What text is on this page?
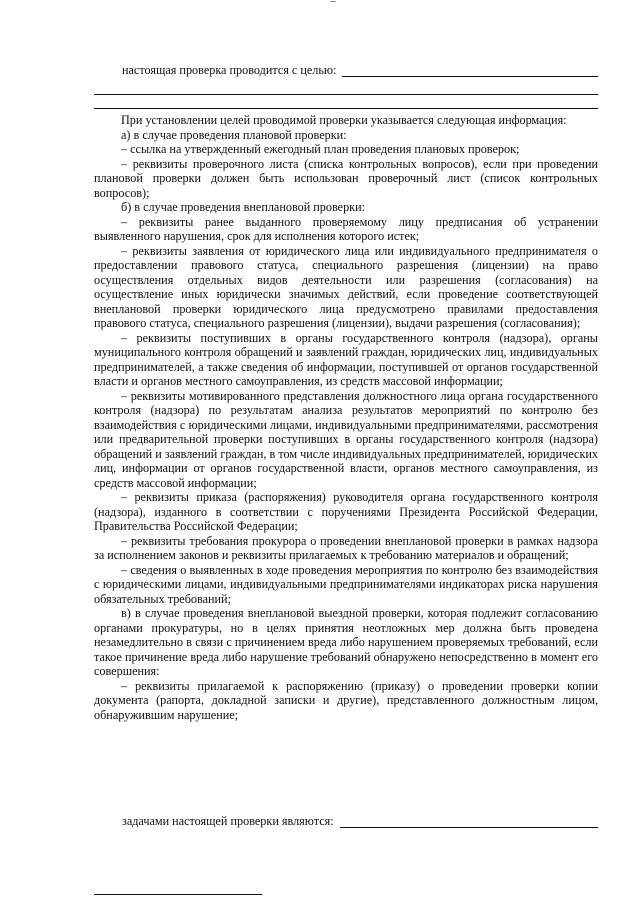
настоящая проверка проводится с целью:

При установлении целей проводимой проверки указывается следующая информация:

а) в случае проведения плановой проверки:

– ссылка на утвержденный ежегодный план проведения плановых проверок;

– реквизиты проверочного листа (списка контрольных вопросов), если при проведении плановой проверки должен быть использован проверочный лист (список контрольных вопросов);

б) в случае проведения внеплановой проверки:

– реквизиты ранее выданного проверяемому лицу предписания об устранении выявленного нарушения, срок для исполнения которого истек;

– реквизиты заявления от юридического лица или индивидуального предпринимателя о предоставлении правового статуса, специального разрешения (лицензии) на право осуществления отдельных видов деятельности или разрешения (согласования) на осуществление иных юридически значимых действий, если проведение соответствующей внеплановой проверки юридического лица предусмотрено правилами предоставления правового статуса, специального разрешения (лицензии), выдачи разрешения (согласования);

– реквизиты поступивших в органы государственного контроля (надзора), органы муниципального контроля обращений и заявлений граждан, юридических лиц, индивидуальных предпринимателей, а также сведения об информации, поступившей от органов государственной власти и органов местного самоуправления, из средств массовой информации;

– реквизиты мотивированного представления должностного лица органа государственного контроля (надзора) по результатам анализа результатов мероприятий по контролю без взаимодействия с юридическими лицами, индивидуальными предпринимателями, рассмотрения или предварительной проверки поступивших в органы государственного контроля (надзора) обращений и заявлений граждан, в том числе индивидуальных предпринимателей, юридических лиц, информации от органов государственной власти, органов местного самоуправления, из средств массовой информации;

– реквизиты приказа (распоряжения) руководителя органа государственного контроля (надзора), изданного в соответствии с поручениями Президента Российской Федерации, Правительства Российской Федерации;

– реквизиты требования прокурора о проведении внеплановой проверки в рамках надзора за исполнением законов и реквизиты прилагаемых к требованию материалов и обращений;

– сведения о выявленных в ходе проведения мероприятия по контролю без взаимодействия с юридическими лицами, индивидуальными предпринимателями индикаторах риска нарушения обязательных требований;

в) в случае проведения внеплановой выездной проверки, которая подлежит согласованию органами прокуратуры, но в целях принятия неотложных мер должна быть проведена незамедлительно в связи с причинением вреда либо нарушением проверяемых требований, если такое причинение вреда либо нарушение требований обнаружено непосредственно в момент его совершения:

– реквизиты прилагаемой к распоряжению (приказу) о проведении проверки копии документа (рапорта, докладной записки и другие), представленного должностным лицом, обнаружившим нарушение;

задачами настоящей проверки являются:
